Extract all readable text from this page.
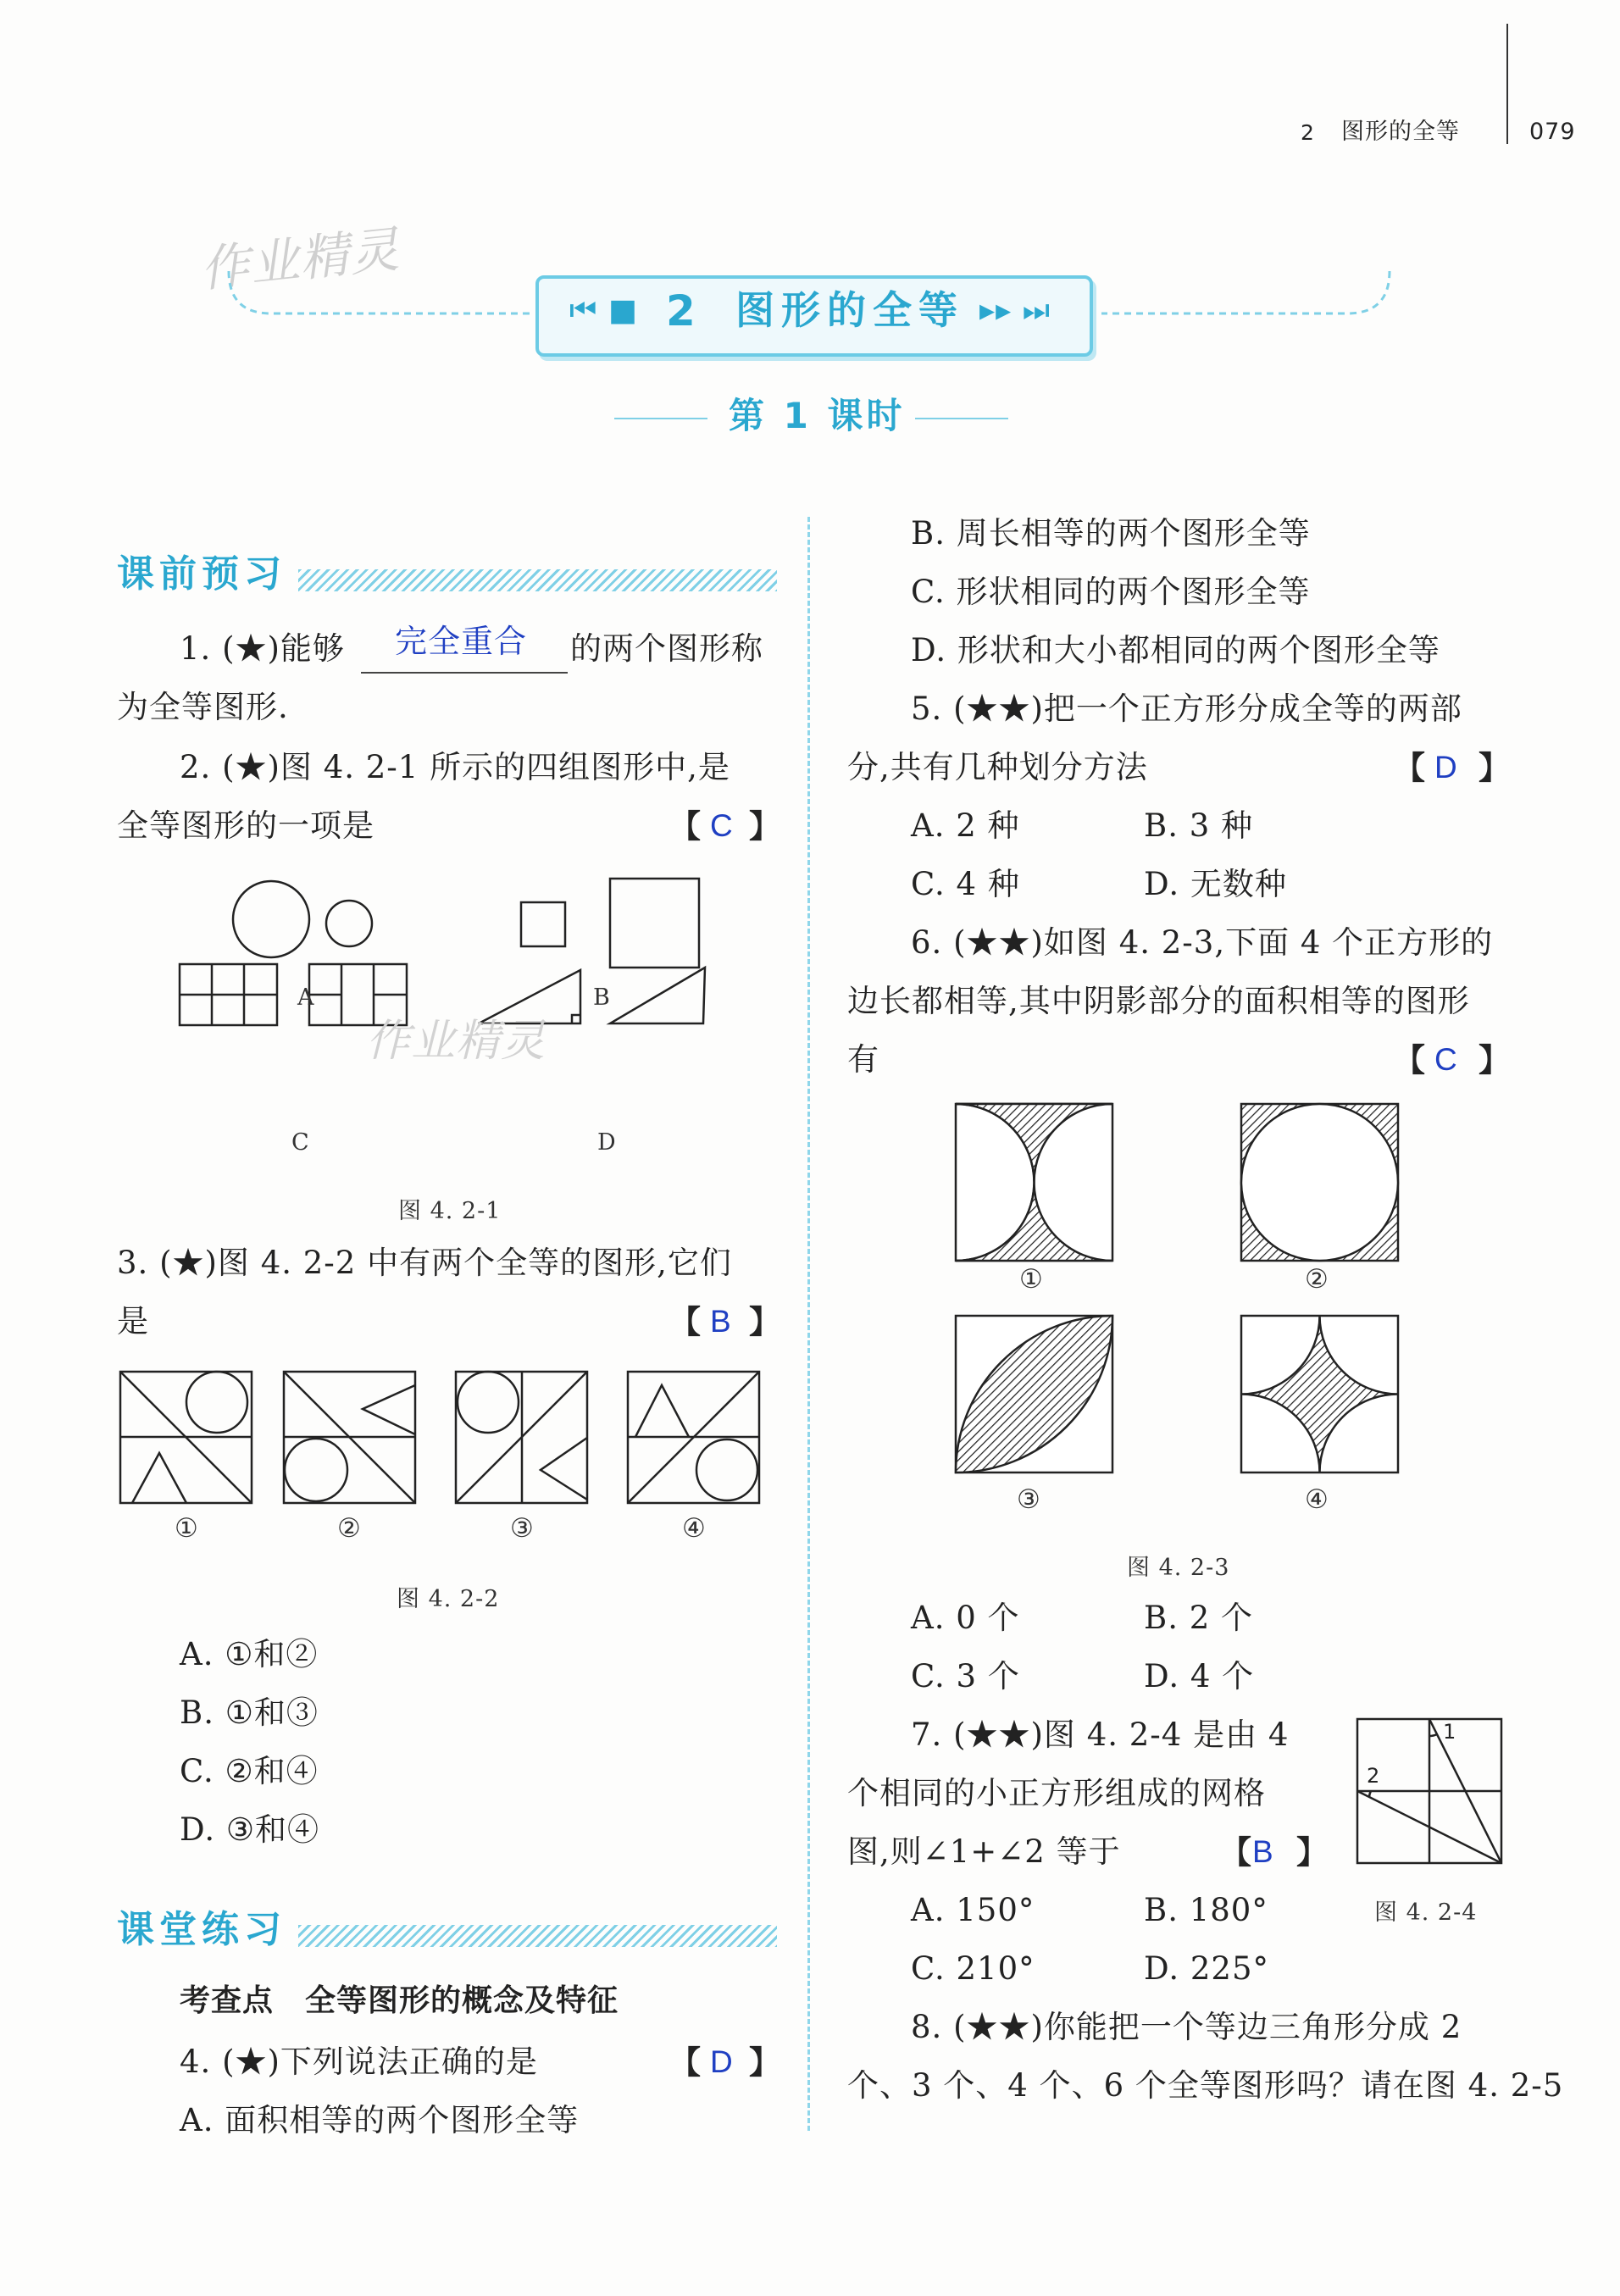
2 图形的全等	079
作业精灵
⏮ ■ 2 图形的全等 ▸▸ ⏭
第 1 课时
课前预习
1. (★)能够 完全重合 的两个图形称
为全等图形.
2. (★)图 4. 2-1 所示的四组图形中,是
全等图形的一项是	【 C 】
A	B
C	D
作业精灵
图 4. 2-1
3. (★)图 4. 2-2 中有两个全等的图形,它们
是	【 B 】
①	②	③	④
图 4. 2-2
A. ①和②
B. ①和③
C. ②和④
D. ③和④
课堂练习
考查点　全等图形的概念及特征
4. (★)下列说法正确的是	【 D 】
A. 面积相等的两个图形全等
B. 周长相等的两个图形全等
C. 形状相同的两个图形全等
D. 形状和大小都相同的两个图形全等
5. (★★)把一个正方形分成全等的两部
分,共有几种划分方法	【 D 】
A. 2 种	B. 3 种
C. 4 种	D. 无数种
6. (★★)如图 4. 2-3,下面 4 个正方形的
边长都相等,其中阴影部分的面积相等的图形
有	【 C 】
①	②
③	④
图 4. 2-3
A. 0 个	B. 2 个
C. 3 个	D. 4 个
7. (★★)图 4. 2-4 是由 4
个相同的小正方形组成的网格
图,则∠1+∠2 等于	【 B 】
A. 150°	B. 180°
C. 210°	D. 225°
1
2
图 4. 2-4
8. (★★)你能把一个等边三角形分成 2
个、3 个、4 个、6 个全等图形吗？请在图 4. 2-5
